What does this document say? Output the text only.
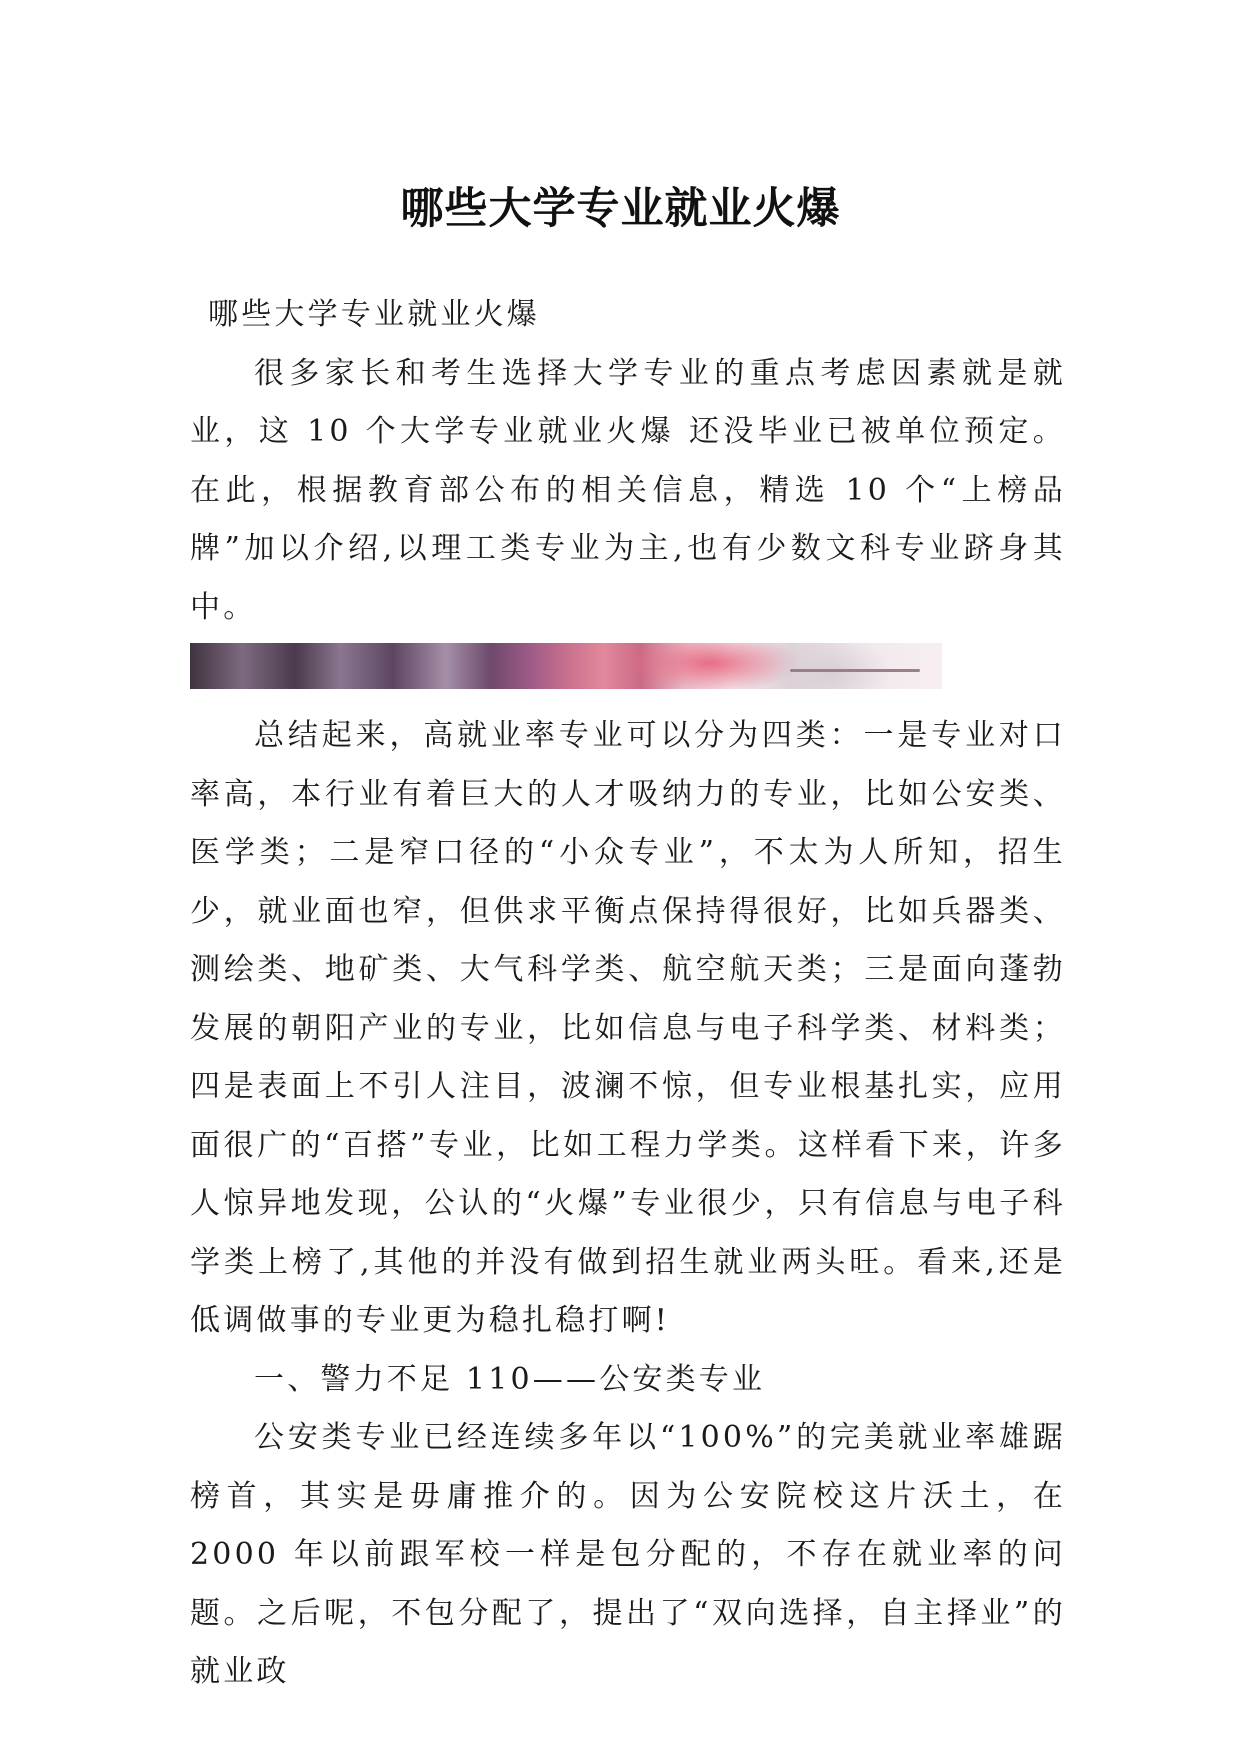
哪些大学专业就业火爆

哪些大学专业就业火爆

很多家长和考生选择大学专业的重点考虑因素就是就业，这 10 个大学专业就业火爆 还没毕业已被单位预定。在此，根据教育部公布的相关信息，精选 10 个“上榜品牌”加以介绍,以理工类专业为主,也有少数文科专业跻身其中。

总结起来，高就业率专业可以分为四类：一是专业对口率高，本行业有着巨大的人才吸纳力的专业，比如公安类、医学类；二是窄口径的“小众专业”，不太为人所知，招生少，就业面也窄，但供求平衡点保持得很好，比如兵器类、测绘类、地矿类、大气科学类、航空航天类；三是面向蓬勃发展的朝阳产业的专业，比如信息与电子科学类、材料类；四是表面上不引人注目，波澜不惊，但专业根基扎实，应用面很广的“百搭”专业，比如工程力学类。这样看下来，许多人惊异地发现，公认的“火爆”专业很少，只有信息与电子科学类上榜了,其他的并没有做到招生就业两头旺。看来,还是低调做事的专业更为稳扎稳打啊!

一、警力不足 110——公安类专业

公安类专业已经连续多年以“100%”的完美就业率雄踞榜首，其实是毋庸推介的。因为公安院校这片沃土，在 2000 年以前跟军校一样是包分配的，不存在就业率的问题。之后呢，不包分配了，提出了“双向选择，自主择业”的就业政
